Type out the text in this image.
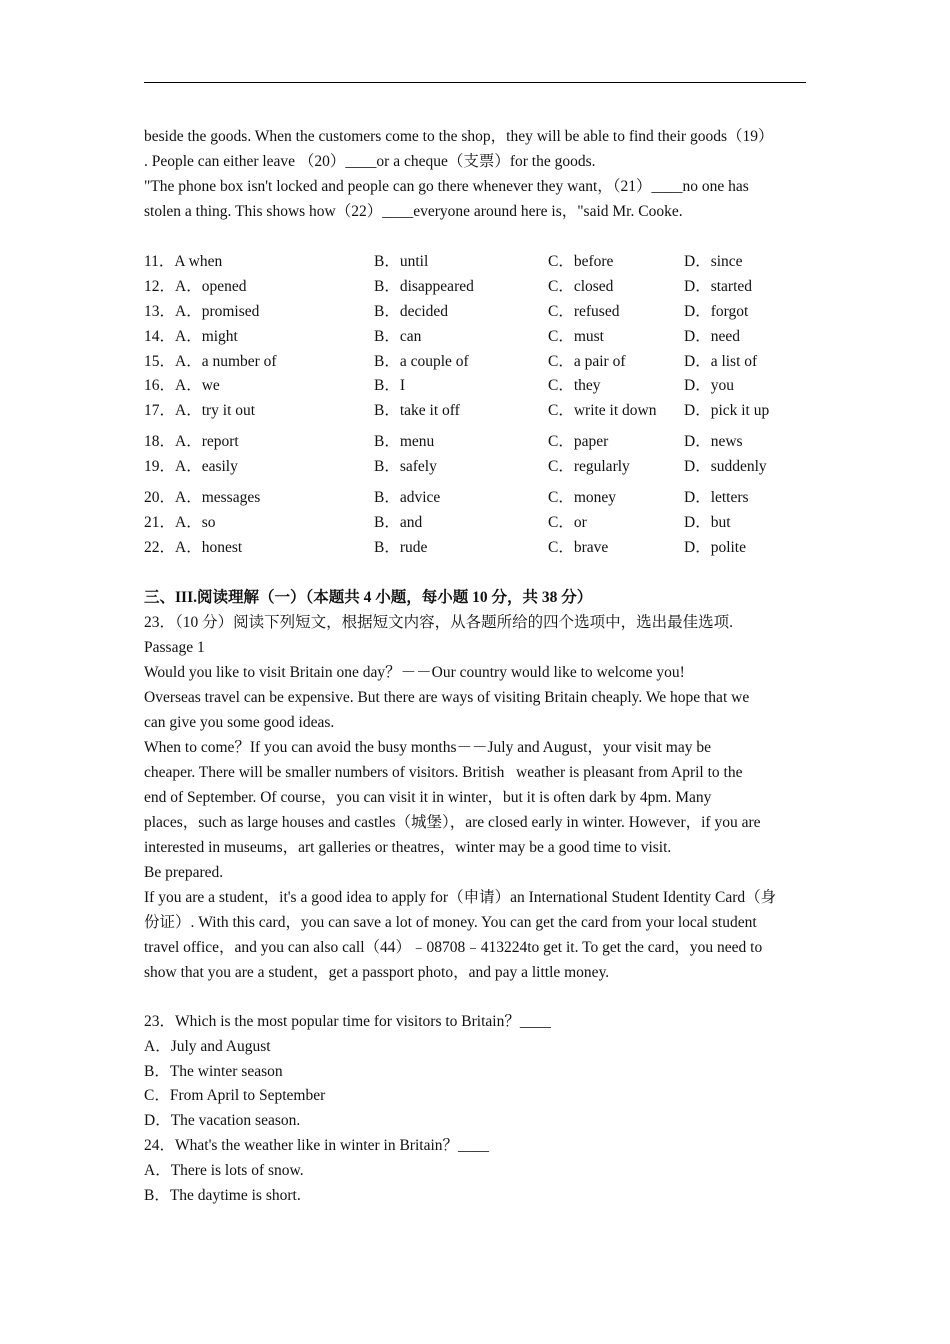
beside the goods. When the customers come to the shop，they will be able to find their goods（19）
. People can either leave （20）____or a cheque（支票）for the goods.
"The phone box isn't locked and people can go there whenever they want，（21）____no one has
stolen a thing. This shows how（22）____everyone around here is，"said Mr. Cooke.
11．A when	B．until	C．before	D．since
12．A．opened	B．disappeared	C．closed	D．started
13．A．promised	B．decided	C．refused	D．forgot
14．A．might	B．can	C．must	D．need
15．A．a number of	B．a couple of	C．a pair of	D．a list of
16．A．we	B．I	C．they	D．you
17．A．try it out	B．take it off	C．write it down	D．pick it up
18．A．report	B．menu	C．paper	D．news
19．A．easily	B．safely	C．regularly	D．suddenly
20．A．messages	B．advice	C．money	D．letters
21．A．so	B．and	C．or	D．but
22．A．honest	B．rude	C．brave	D．polite
三、III.阅读理解（一）（本题共 4 小题，每小题 10 分，共 38 分）
23．（10 分）阅读下列短文，根据短文内容，从各题所给的四个选项中，选出最佳选项.
Passage 1
Would you like to visit Britain one day？－－Our country would like to welcome you!
Overseas travel can be expensive. But there are ways of visiting Britain cheaply. We hope that we
can give you some good ideas.
When to come？If you can avoid the busy months－－July and August，your visit may be
cheaper. There will be smaller numbers of visitors. British   weather is pleasant from April to the
end of September. Of course，you can visit it in winter，but it is often dark by 4pm. Many
places，such as large houses and castles（城堡），are closed early in winter. However，if you are
interested in museums，art galleries or theatres，winter may be a good time to visit.
Be prepared.
If you are a student，it's a good idea to apply for（申请）an International Student Identity Card（身
份证）. With this card，you can save a lot of money. You can get the card from your local student
travel office，and you can also call（44）﹣08708﹣413224to get it. To get the card，you need to
show that you are a student，get a passport photo，and pay a little money.
23．Which is the most popular time for visitors to Britain？____
A．July and August
B．The winter season
C．From April to September
D．The vacation season.
24．What's the weather like in winter in Britain？____
A．There is lots of snow.
B．The daytime is short.
